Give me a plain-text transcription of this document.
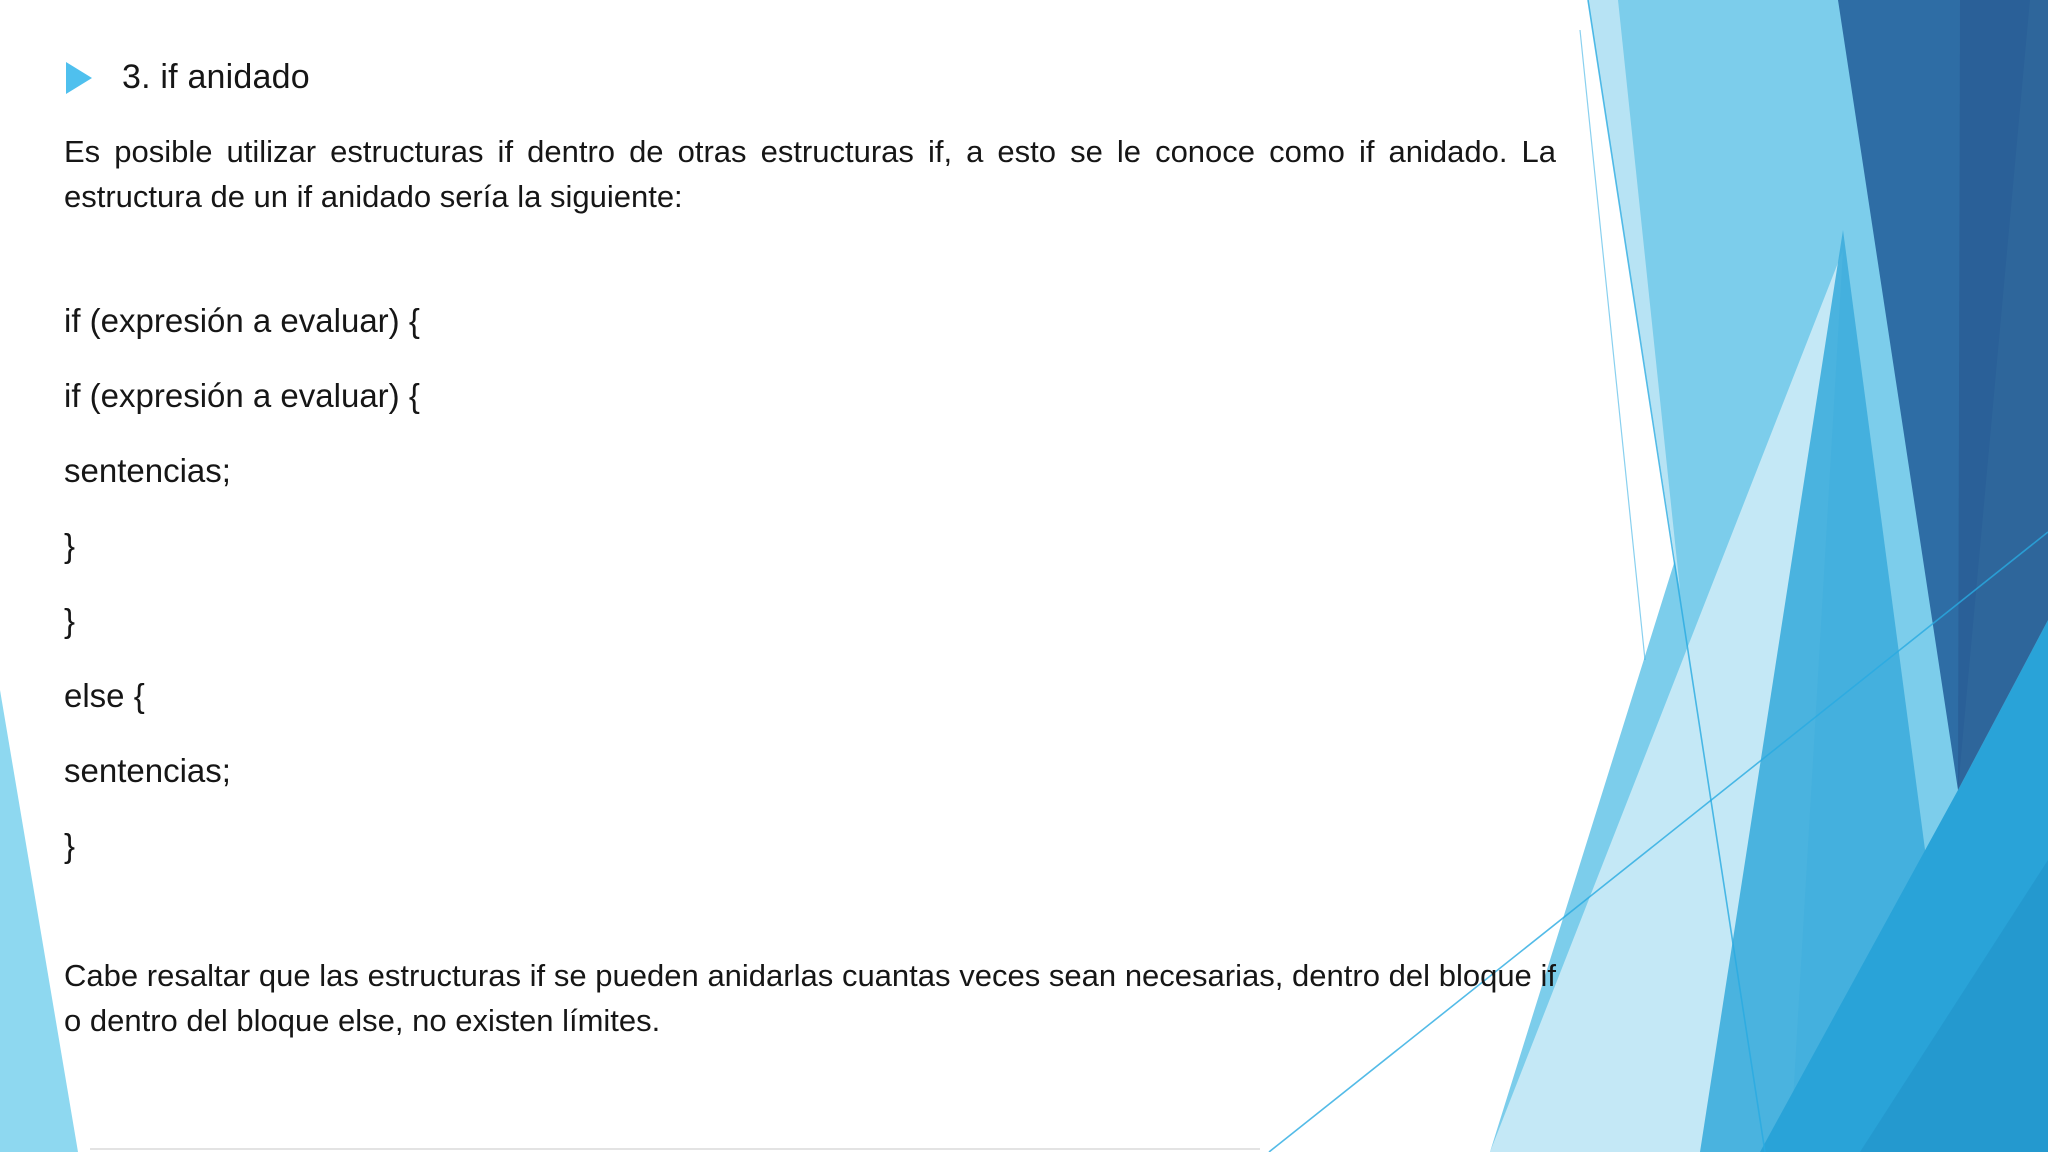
3. if anidado

Es posible utilizar estructuras if dentro de otras estructuras if, a esto se le conoce como if anidado. La estructura de un if anidado sería la siguiente:

if (expresión a evaluar) {
if (expresión a evaluar) {
sentencias;
}
}
else {
sentencias;
}

Cabe resaltar que las estructuras if se pueden anidarlas cuantas veces sean necesarias, dentro del bloque if o dentro del bloque else, no existen límites.
